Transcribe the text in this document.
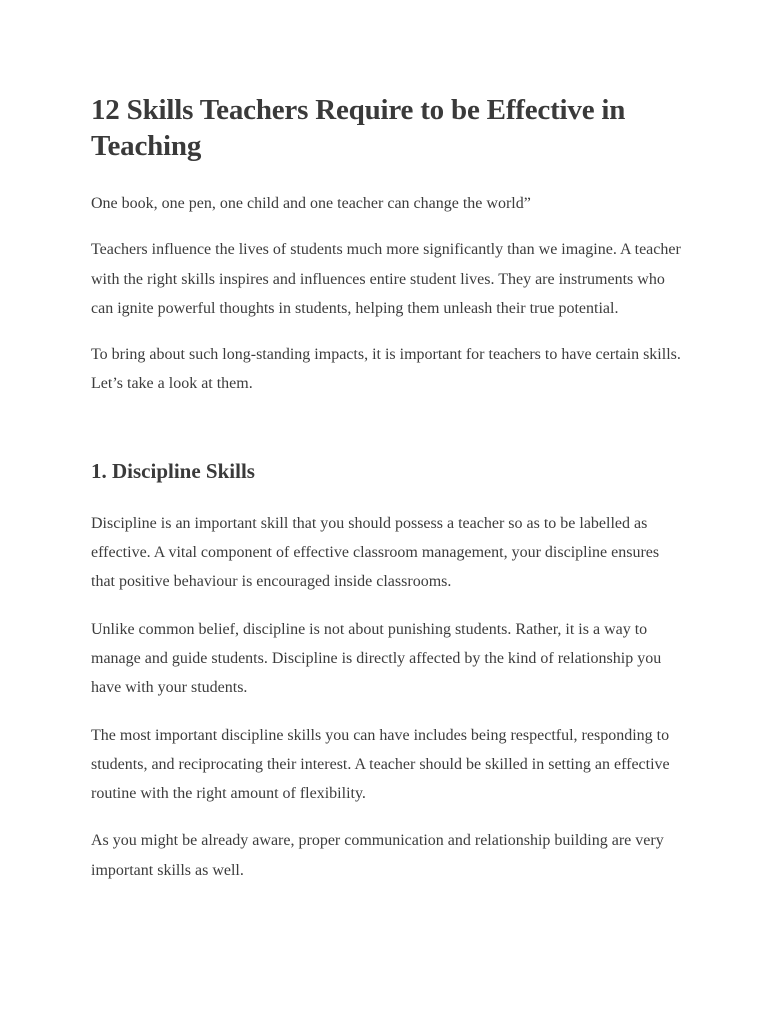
12 Skills Teachers Require to be Effective in Teaching

One book, one pen, one child and one teacher can change the world”

Teachers influence the lives of students much more significantly than we imagine. A teacher with the right skills inspires and influences entire student lives. They are instruments who can ignite powerful thoughts in students, helping them unleash their true potential.

To bring about such long-standing impacts, it is important for teachers to have certain skills. Let’s take a look at them.

1. Discipline Skills

Discipline is an important skill that you should possess a teacher so as to be labelled as effective. A vital component of effective classroom management, your discipline ensures that positive behaviour is encouraged inside classrooms.

Unlike common belief, discipline is not about punishing students. Rather, it is a way to manage and guide students. Discipline is directly affected by the kind of relationship you have with your students.

The most important discipline skills you can have includes being respectful, responding to students, and reciprocating their interest. A teacher should be skilled in setting an effective routine with the right amount of flexibility.

As you might be already aware, proper communication and relationship building are very important skills as well.
